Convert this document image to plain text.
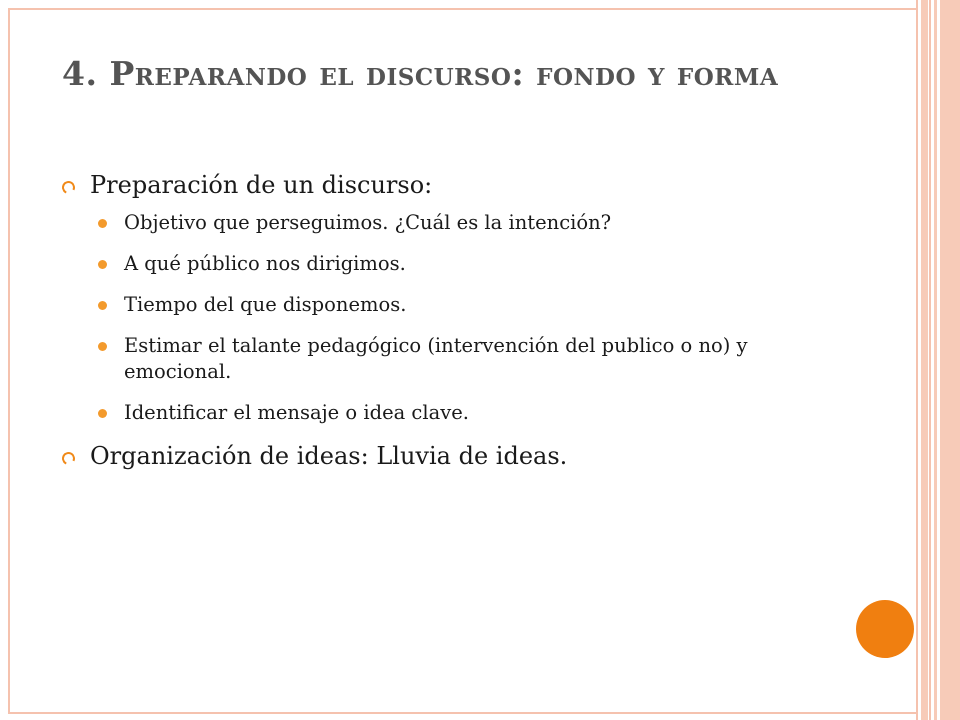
4. Preparando el discurso: fondo y forma
Preparación de un discurso:
Objetivo que perseguimos. ¿Cuál es la intención?
A qué público nos dirigimos.
Tiempo del que disponemos.
Estimar el talante pedagógico (intervención del publico o no) y emocional.
Identificar el mensaje o idea clave.
Organización de ideas: Lluvia de ideas.
